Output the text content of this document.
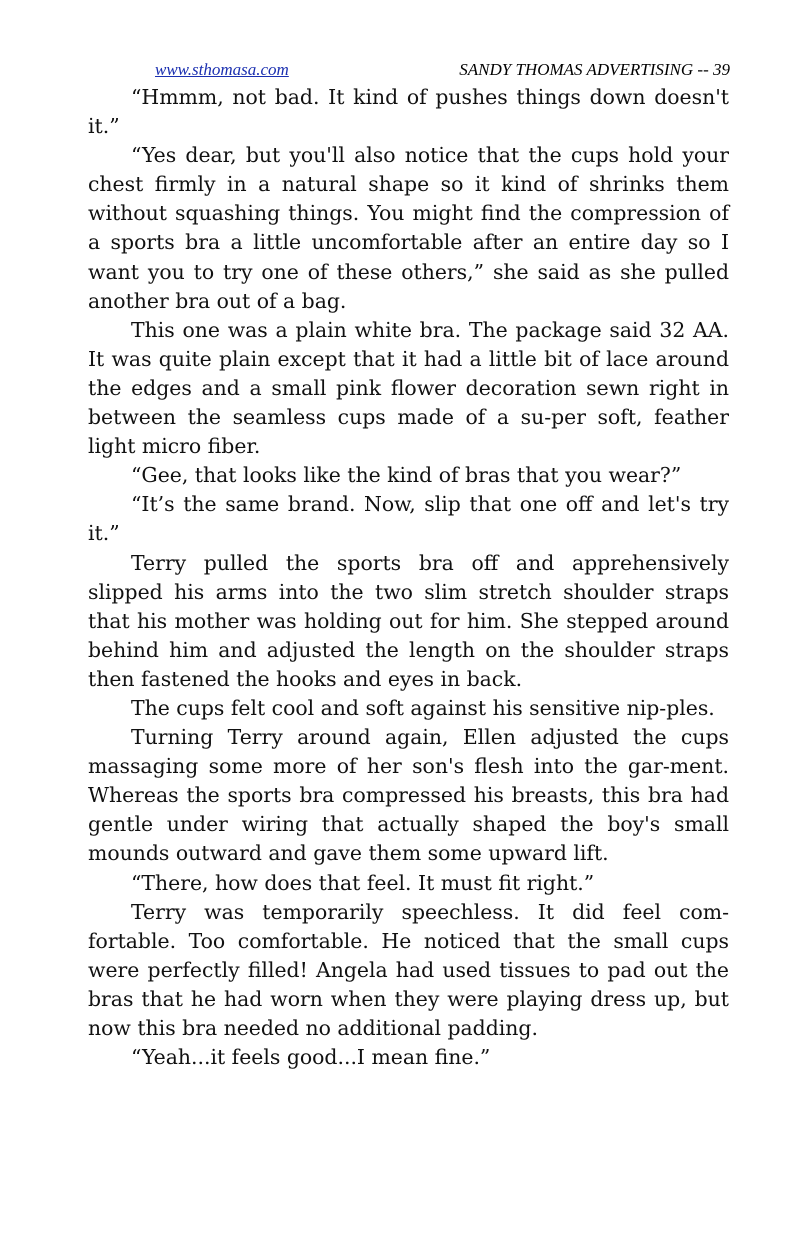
www.sthomasa.com	SANDY THOMAS ADVERTISING -- 39

“Hmmm, not bad. It kind of pushes things down doesn't it.”

“Yes dear, but you'll also notice that the cups hold your chest firmly in a natural shape so it kind of shrinks them without squashing things. You might find the compression of a sports bra a little uncomfortable after an entire day so I want you to try one of these others,” she said as she pulled another bra out of a bag.

This one was a plain white bra. The package said 32 AA. It was quite plain except that it had a little bit of lace around the edges and a small pink flower decoration sewn right in between the seamless cups made of a su-per soft, feather light micro fiber.

“Gee, that looks like the kind of bras that you wear?”

“It’s the same brand. Now, slip that one off and let's try it.”

Terry pulled the sports bra off and apprehensively slipped his arms into the two slim stretch shoulder straps that his mother was holding out for him. She stepped around behind him and adjusted the length on the shoulder straps then fastened the hooks and eyes in back.

The cups felt cool and soft against his sensitive nip-ples.

Turning Terry around again, Ellen adjusted the cups massaging some more of her son's flesh into the gar-ment. Whereas the sports bra compressed his breasts, this bra had gentle under wiring that actually shaped the boy's small mounds outward and gave them some upward lift.

“There, how does that feel. It must fit right.”

Terry was temporarily speechless. It did feel com-fortable. Too comfortable. He noticed that the small cups were perfectly filled! Angela had used tissues to pad out the bras that he had worn when they were playing dress up, but now this bra needed no additional padding.

“Yeah...it feels good...I mean fine.”
